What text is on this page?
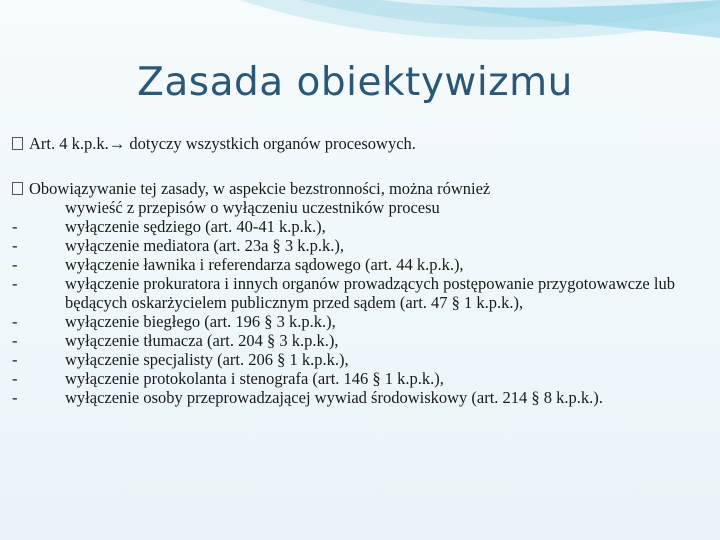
Zasada obiektywizmu
Art. 4 k.p.k.→ dotyczy wszystkich organów procesowych.
Obowiązywanie tej zasady, w aspekcie bezstronności, można również
wywieść z przepisów o wyłączeniu uczestników procesu
-	wyłączenie sędziego (art. 40-41 k.p.k.),
-	wyłączenie mediatora (art. 23a § 3 k.p.k.),
-	wyłączenie ławnika i referendarza sądowego (art. 44 k.p.k.),
-	wyłączenie prokuratora i innych organów prowadzących postępowanie przygotowawcze lub będących oskarżycielem publicznym przed sądem (art. 47 § 1 k.p.k.),
-	wyłączenie biegłego (art. 196 § 3 k.p.k.),
-	wyłączenie tłumacza (art. 204 § 3 k.p.k.),
-	wyłączenie specjalisty (art. 206 § 1 k.p.k.),
-	wyłączenie protokolanta i stenografa (art. 146 § 1 k.p.k.),
-	wyłączenie osoby przeprowadzającej wywiad środowiskowy (art. 214 § 8 k.p.k.).
